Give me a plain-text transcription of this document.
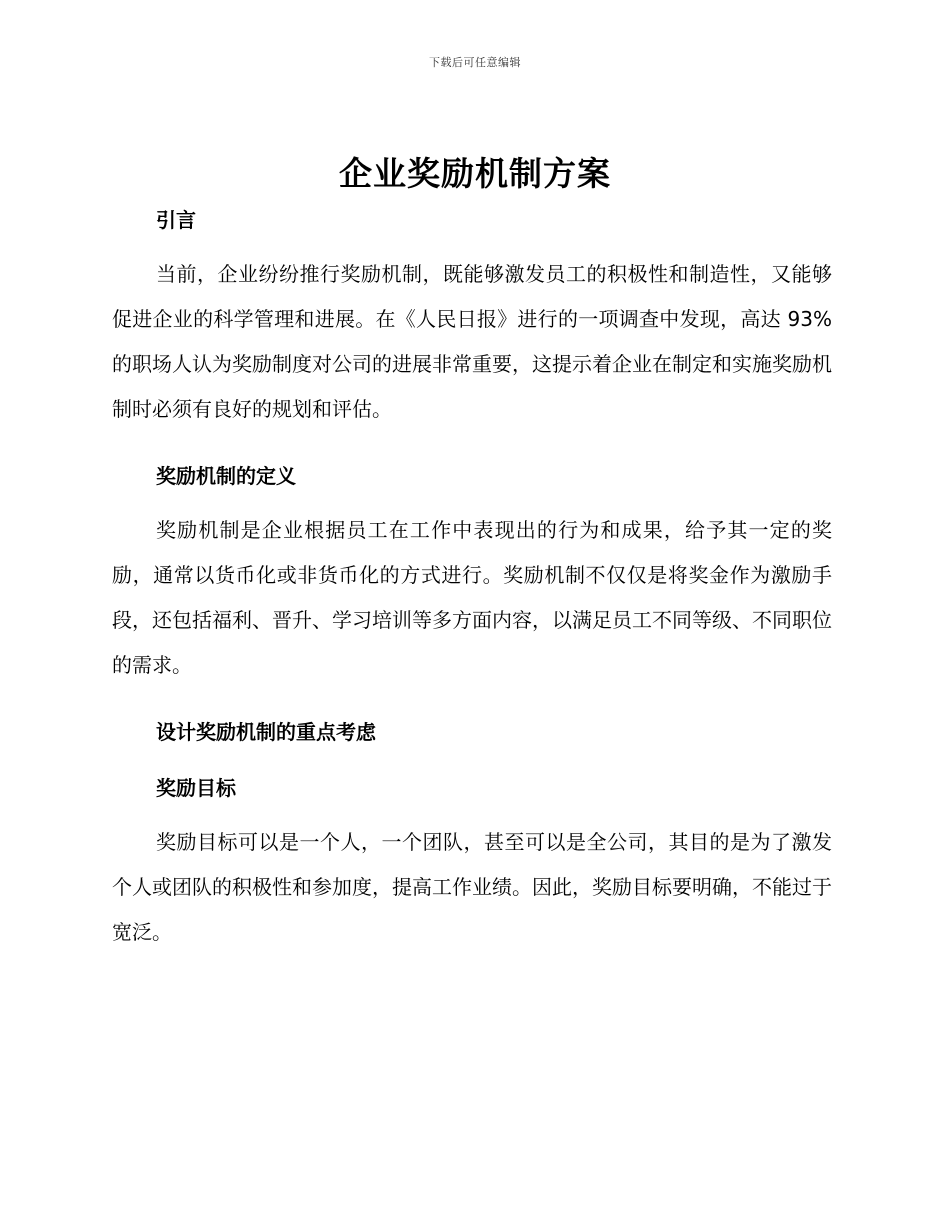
下载后可任意编辑
企业奖励机制方案
引言

当前，企业纷纷推行奖励机制，既能够激发员工的积极性和制造性，又能够促进企业的科学管理和进展。在《人民日报》进行的一项调查中发现，高达 93%的职场人认为奖励制度对公司的进展非常重要，这提示着企业在制定和实施奖励机制时必须有良好的规划和评估。

奖励机制的定义

奖励机制是企业根据员工在工作中表现出的行为和成果，给予其一定的奖励，通常以货币化或非货币化的方式进行。奖励机制不仅仅是将奖金作为激励手段，还包括福利、晋升、学习培训等多方面内容，以满足员工不同等级、不同职位的需求。

设计奖励机制的重点考虑
奖励目标

奖励目标可以是一个人，一个团队，甚至可以是全公司，其目的是为了激发个人或团队的积极性和参加度，提高工作业绩。因此，奖励目标要明确，不能过于宽泛。
